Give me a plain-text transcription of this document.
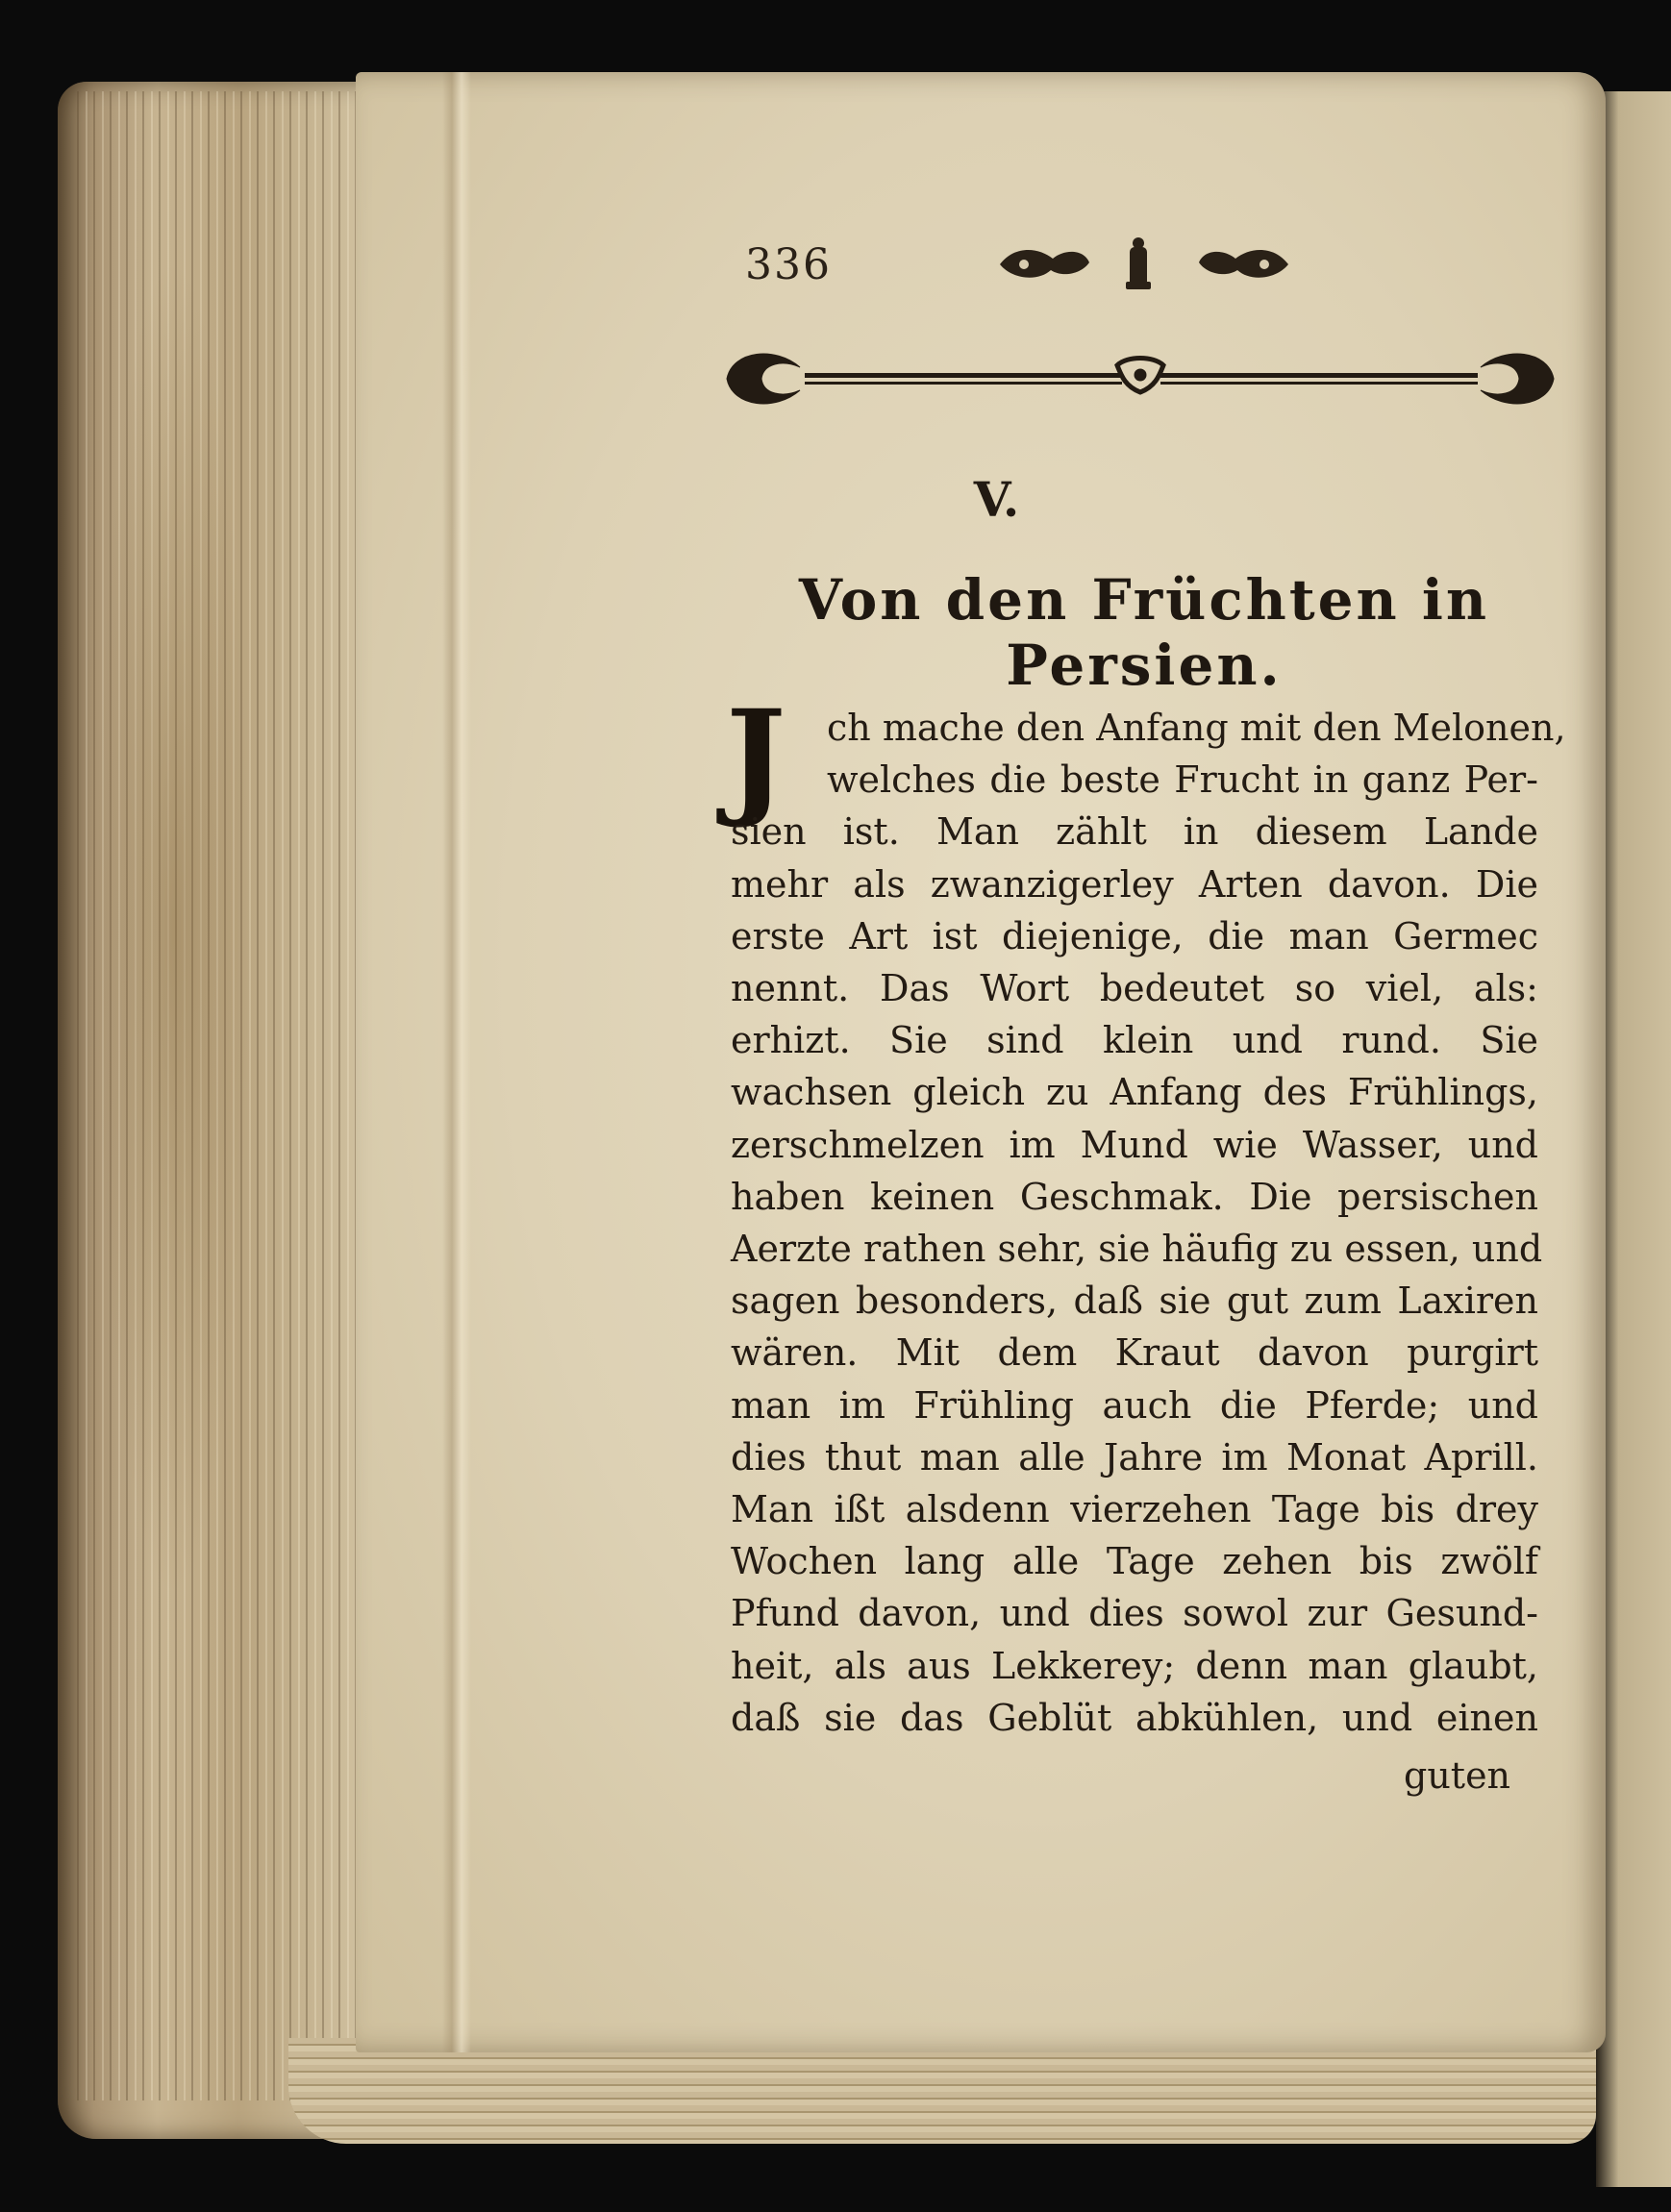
336
V.
Von den Früchten in Persien.
J	ch mache den Anfang mit den Melonen,
welches die beste Frucht in ganz Per-
sien ist. Man zählt in diesem Lande
mehr als zwanzigerley Arten davon. Die
erste Art ist diejenige, die man Germec
nennt. Das Wort bedeutet so viel, als:
erhizt. Sie sind klein und rund. Sie
wachsen gleich zu Anfang des Frühlings,
zerschmelzen im Mund wie Wasser, und
haben keinen Geschmak. Die persischen
Aerzte rathen sehr, sie häufig zu essen, und
sagen besonders, daß sie gut zum Laxiren
wären. Mit dem Kraut davon purgirt
man im Frühling auch die Pferde; und
dies thut man alle Jahre im Monat Aprill.
Man ißt alsdenn vierzehen Tage bis drey
Wochen lang alle Tage zehen bis zwölf
Pfund davon, und dies sowol zur Gesund-
heit, als aus Lekkerey; denn man glaubt,
daß sie das Geblüt abkühlen, und einen
guten
